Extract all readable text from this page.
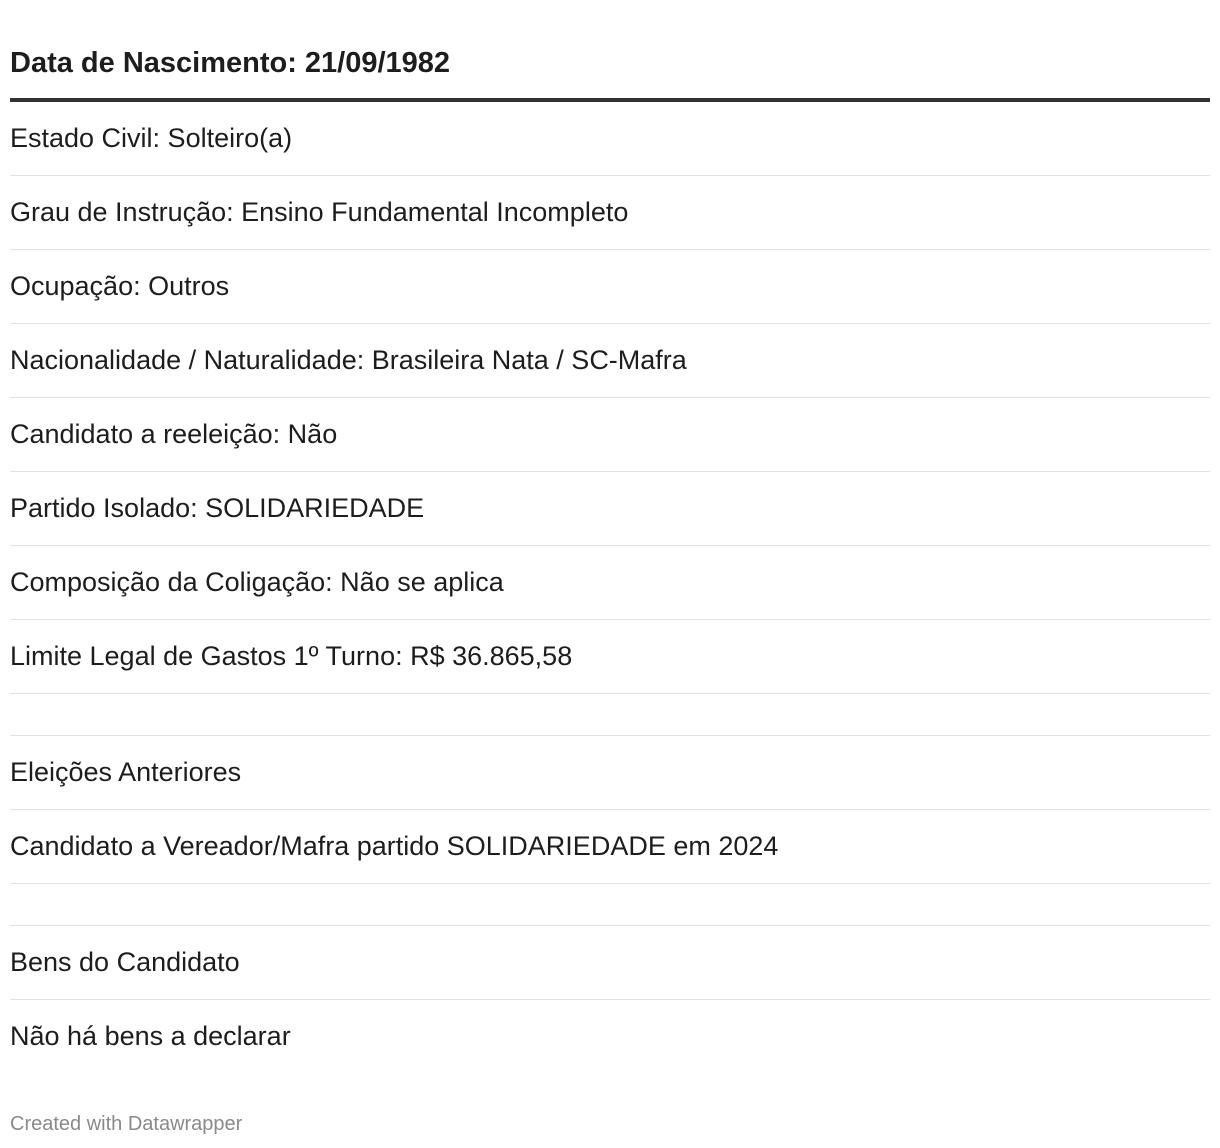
Data de Nascimento: 21/09/1982
Estado Civil: Solteiro(a)
Grau de Instrução: Ensino Fundamental Incompleto
Ocupação: Outros
Nacionalidade / Naturalidade: Brasileira Nata / SC-Mafra
Candidato a reeleição: Não
Partido Isolado: SOLIDARIEDADE
Composição da Coligação: Não se aplica
Limite Legal de Gastos 1º Turno: R$ 36.865,58
Eleições Anteriores
Candidato a Vereador/Mafra partido SOLIDARIEDADE em 2024
Bens do Candidato
Não há bens a declarar
Created with Datawrapper
